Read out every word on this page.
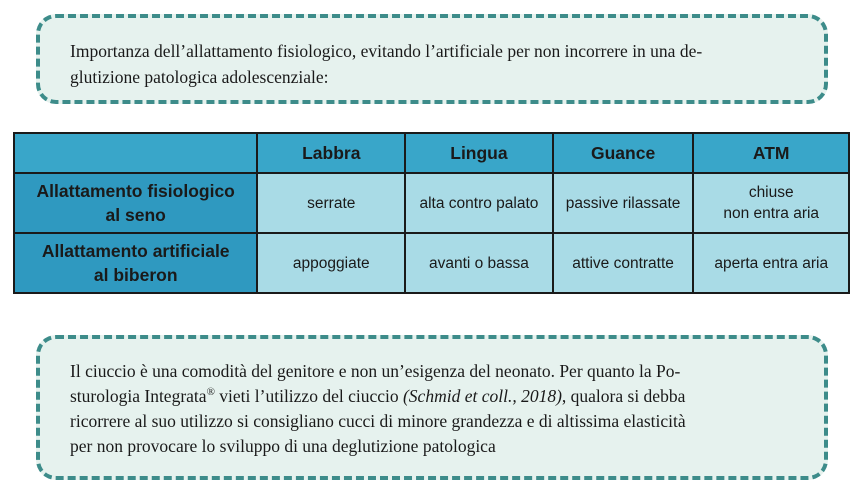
Importanza dell’allattamento fisiologico, evitando l’artificiale per non incorrere in una de-
glutizione patologica adolescenziale:

	Labbra	Lingua	Guance	ATM
Allattamento fisiologico
al seno	serrate	alta contro palato	passive rilassate	chiuse
non entra aria
Allattamento artificiale
al biberon	appoggiate	avanti o bassa	attive contratte	aperta entra aria

Il ciuccio è una comodità del genitore e non un’esigenza del neonato. Per quanto la Po-
sturologia Integrata® vieti l’utilizzo del ciuccio (Schmid et coll., 2018), qualora si debba
ricorrere al suo utilizzo si consigliano cucci di minore grandezza e di altissima elasticità
per non provocare lo sviluppo di una deglutizione patologica
